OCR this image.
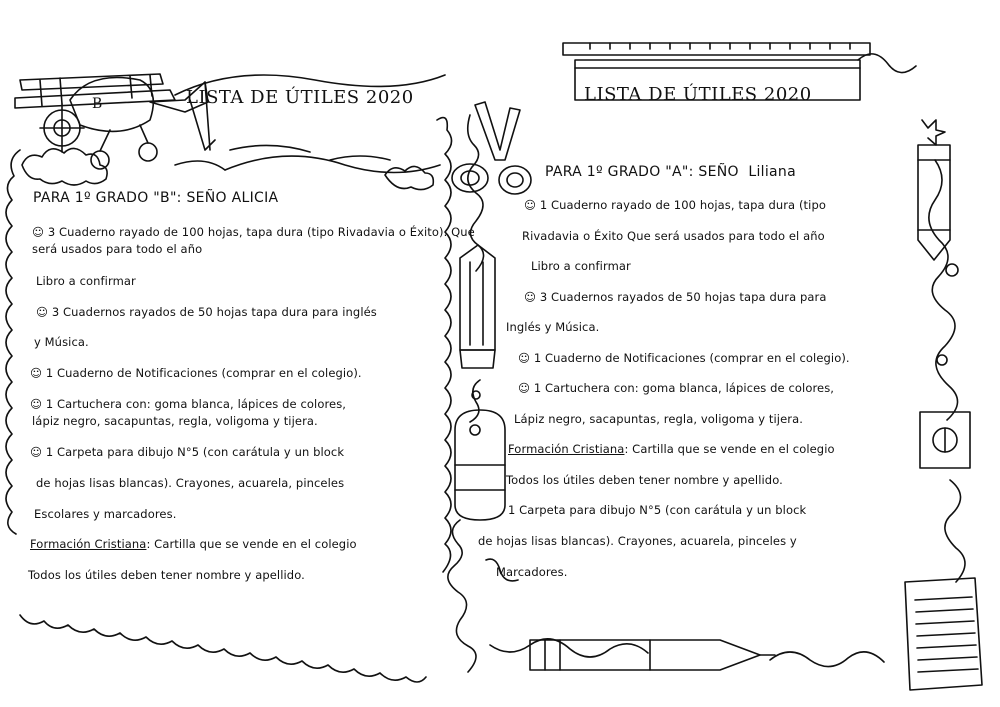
B	LISTA DE ÚTILES 2020
PARA 1º GRADO "B": SEÑO ALICIA
☺ 3 Cuaderno rayado de 100 hojas, tapa dura (tipo Rivadavia o Éxito). Que
será usados para todo el año
Libro a confirmar
☺ 3 Cuadernos rayados de 50 hojas tapa dura para inglés
y Música.
☺ 1 Cuaderno de Notificaciones (comprar en el colegio).
☺ 1 Cartuchera con: goma blanca, lápices de colores,
lápiz negro, sacapuntas, regla, voligoma y tijera.
☺ 1 Carpeta para dibujo N°5 (con carátula y un block
de hojas lisas blancas). Crayones, acuarela, pinceles
Escolares y marcadores.
Formación Cristiana: Cartilla que se vende en el colegio
Todos los útiles deben tener nombre y apellido.
LISTA DE ÚTILES 2020
PARA 1º GRADO "A": SEÑO Liliana
☺ 1 Cuaderno rayado de 100 hojas, tapa dura (tipo
Rivadavia o Éxito Que será usados para todo el año
Libro a confirmar
☺ 3 Cuadernos rayados de 50 hojas tapa dura para
Inglés y Música.
☺ 1 Cuaderno de Notificaciones (comprar en el colegio).
☺ 1 Cartuchera con: goma blanca, lápices de colores,
Lápiz negro, sacapuntas, regla, voligoma y tijera.
Formación Cristiana: Cartilla que se vende en el colegio
Todos los útiles deben tener nombre y apellido.
1 Carpeta para dibujo N°5 (con carátula y un block
de hojas lisas blancas). Crayones, acuarela, pinceles y
Marcadores.
